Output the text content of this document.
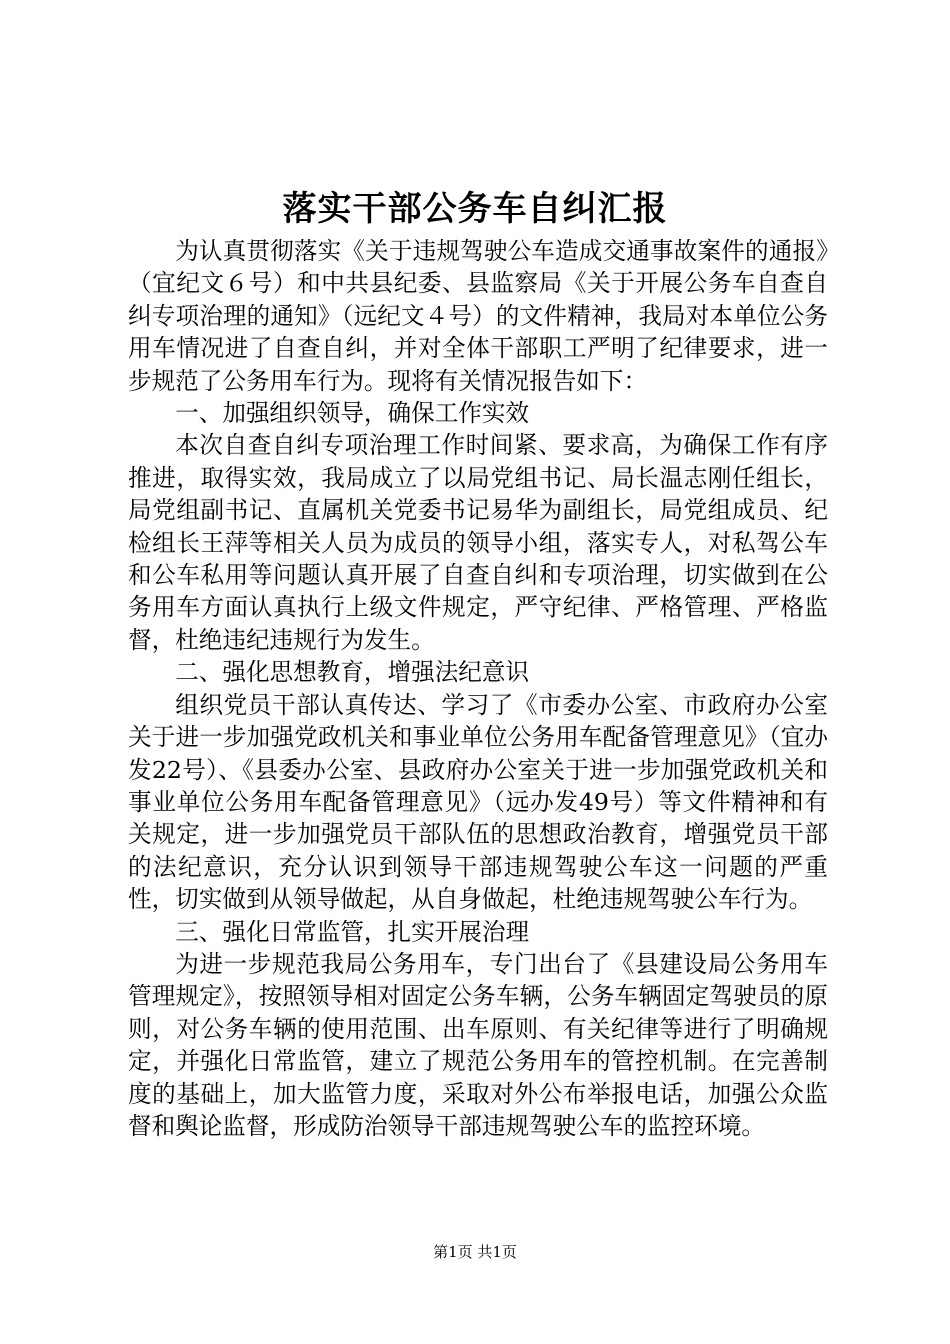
落实干部公务车自纠汇报

为认真贯彻落实《关于违规驾驶公车造成交通事故案件的通报》（宜纪文６号）和中共县纪委、县监察局《关于开展公务车自查自纠专项治理的通知》（远纪文４号）的文件精神，我局对本单位公务用车情况进了自查自纠，并对全体干部职工严明了纪律要求，进一步规范了公务用车行为。现将有关情况报告如下：

一、加强组织领导，确保工作实效

本次自查自纠专项治理工作时间紧、要求高，为确保工作有序推进，取得实效，我局成立了以局党组书记、局长温志刚任组长，局党组副书记、直属机关党委书记易华为副组长，局党组成员、纪检组长王萍等相关人员为成员的领导小组，落实专人，对私驾公车和公车私用等问题认真开展了自查自纠和专项治理，切实做到在公务用车方面认真执行上级文件规定，严守纪律、严格管理、严格监督，杜绝违纪违规行为发生。

二、强化思想教育，增强法纪意识

组织党员干部认真传达、学习了《市委办公室、市政府办公室关于进一步加强党政机关和事业单位公务用车配备管理意见》（宜办发22号）、《县委办公室、县政府办公室关于进一步加强党政机关和事业单位公务用车配备管理意见》（远办发49号）等文件精神和有关规定，进一步加强党员干部队伍的思想政治教育，增强党员干部的法纪意识，充分认识到领导干部违规驾驶公车这一问题的严重性，切实做到从领导做起，从自身做起，杜绝违规驾驶公车行为。

三、强化日常监管，扎实开展治理

为进一步规范我局公务用车，专门出台了《县建设局公务用车管理规定》，按照领导相对固定公务车辆，公务车辆固定驾驶员的原则，对公务车辆的使用范围、出车原则、有关纪律等进行了明确规定，并强化日常监管，建立了规范公务用车的管控机制。在完善制度的基础上，加大监管力度，采取对外公布举报电话，加强公众监督和舆论监督，形成防治领导干部违规驾驶公车的监控环境。

第1页 共1页
